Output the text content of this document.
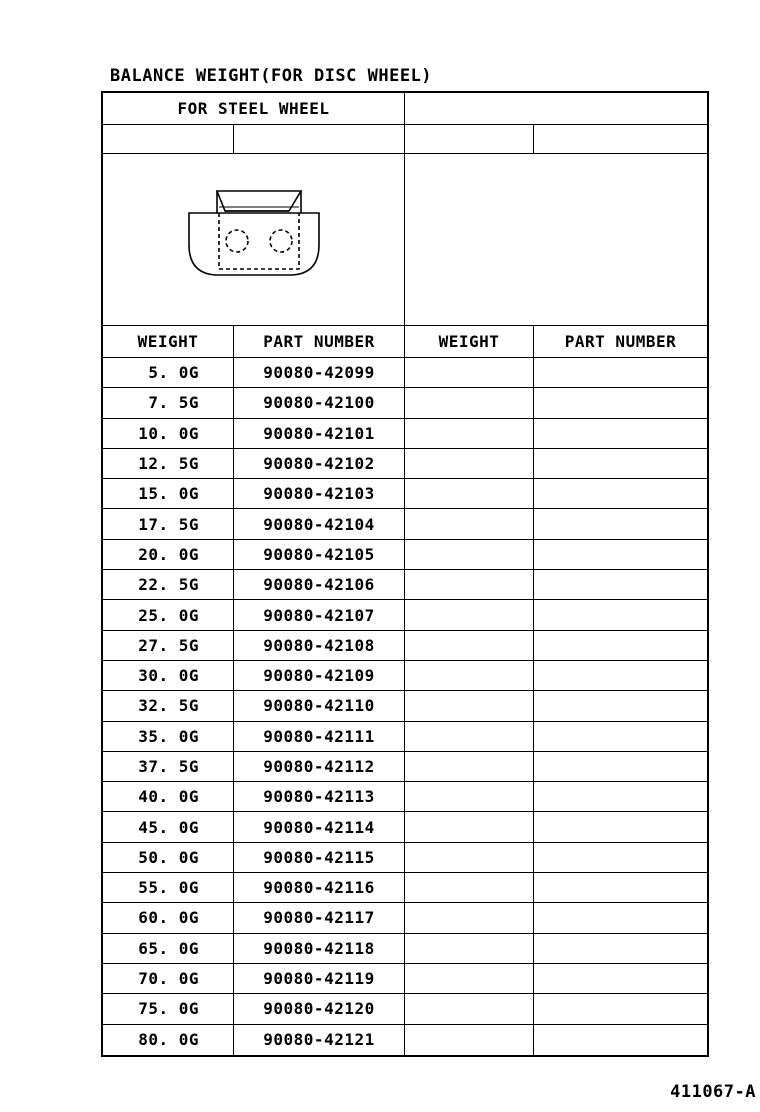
BALANCE WEIGHT(FOR DISC WHEEL)
FOR STEEL WHEEL
WEIGHT	PART NUMBER	WEIGHT	PART NUMBER
5. 0G	90080-42099
7. 5G	90080-42100
10. 0G	90080-42101
12. 5G	90080-42102
15. 0G	90080-42103
17. 5G	90080-42104
20. 0G	90080-42105
22. 5G	90080-42106
25. 0G	90080-42107
27. 5G	90080-42108
30. 0G	90080-42109
32. 5G	90080-42110
35. 0G	90080-42111
37. 5G	90080-42112
40. 0G	90080-42113
45. 0G	90080-42114
50. 0G	90080-42115
55. 0G	90080-42116
60. 0G	90080-42117
65. 0G	90080-42118
70. 0G	90080-42119
75. 0G	90080-42120
80. 0G	90080-42121
411067-A
